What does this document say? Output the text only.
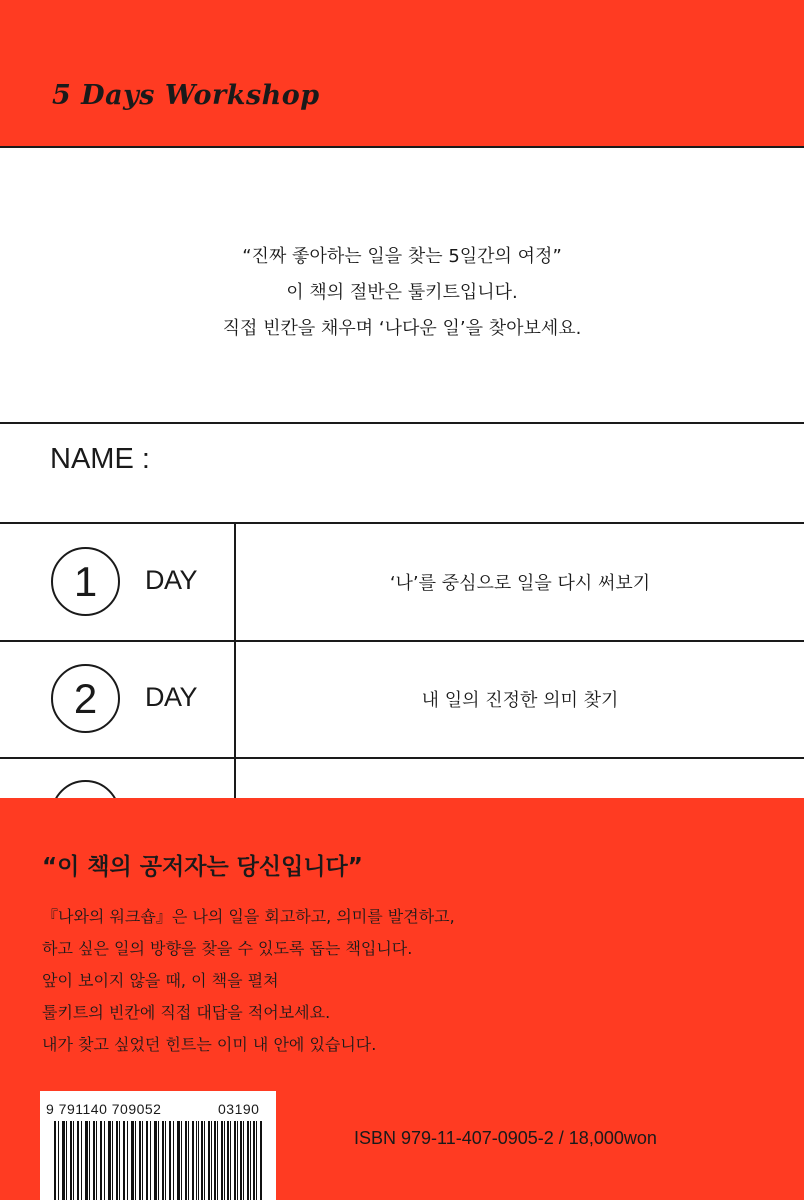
5 Days Workshop
“진짜 좋아하는 일을 찾는 5일간의 여정”
이 책의 절반은 툴키트입니다.
직접 빈칸을 채우며 ‘나다운 일’을 찾아보세요.
NAME :
1	DAY	‘나’를 중심으로 일을 다시 써보기
2	DAY	내 일의 진정한 의미 찾기
“이 책의 공저자는 당신입니다”
『나와의 워크숍』은 나의 일을 회고하고, 의미를 발견하고,
하고 싶은 일의 방향을 찾을 수 있도록 돕는 책입니다.
앞이 보이지 않을 때, 이 책을 펼쳐
툴키트의 빈칸에 직접 대답을 적어보세요.
내가 찾고 싶었던 힌트는 이미 내 안에 있습니다.
9 791140 709052	03190
ISBN 979-11-407-0905-2 / 18,000won
